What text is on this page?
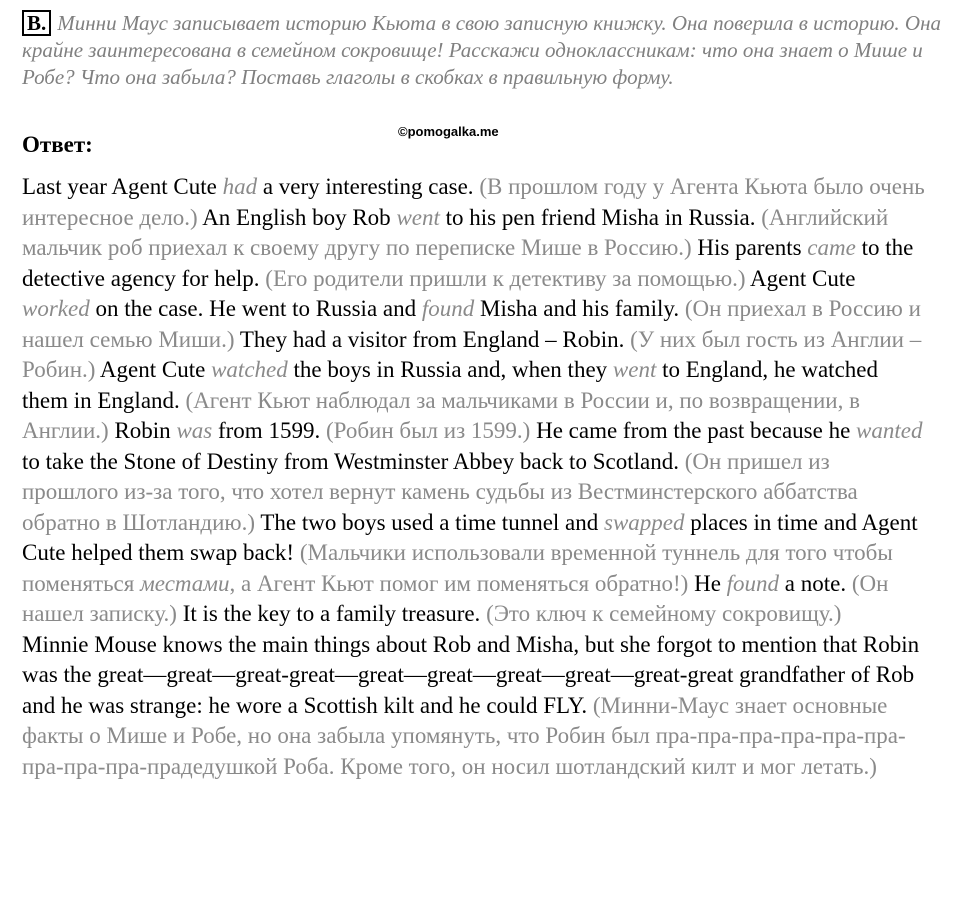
B. Минни Маус записывает историю Кьюта в свою записную книжку. Она поверила в историю. Она крайне заинтересована в семейном сокровище! Расскажи одноклассникам: что она знает о Мише и Робе? Что она забыла? Поставь глаголы в скобках в правильную форму.
©pomogalka.me
Ответ:

Last year Agent Cute had a very interesting case. (В прошлом году у Агента Кьюта было очень интересное дело.) An English boy Rob went to his pen friend Misha in Russia. (Английский мальчик роб приехал к своему другу по переписке Мише в Россию.) His parents came to the detective agency for help. (Его родители пришли к детективу за помощью.) Agent Cute worked on the case. He went to Russia and found Misha and his family. (Он приехал в Россию и нашел семью Миши.) They had a visitor from England – Robin. (У них был гость из Англии – Робин.) Agent Cute watched the boys in Russia and, when they went to England, he watched them in England. (Агент Кьют наблюдал за мальчиками в России и, по возвращении, в Англии.) Robin was from 1599. (Робин был из 1599.) He came from the past because he wanted to take the Stone of Destiny from Westminster Abbey back to Scotland. (Он пришел из прошлого из-за того, что хотел вернут камень судьбы из Вестминстерского аббатства обратно в Шотландию.) The two boys used a time tunnel and swapped places in time and Agent Cute helped them swap back! (Мальчики использовали временной туннель для того чтобы поменяться местами, а Агент Кьют помог им поменяться обратно!) He found a note. (Он нашел записку.) It is the key to a family treasure. (Это ключ к семейному сокровищу.)

Minnie Mouse knows the main things about Rob and Misha, but she forgot to mention that Robin was the great—great—great-great—great—great—great—great—great-great grandfather of Rob and he was strange: he wore a Scottish kilt and he could FLY. (Минни-Маус знает основные факты о Мише и Робе, но она забыла упомянуть, что Робин был пра-пра-пра-пра-пра-пра-пра-пра-пра-прадедушкой Роба. Кроме того, он носил шотландский килт и мог летать.)
